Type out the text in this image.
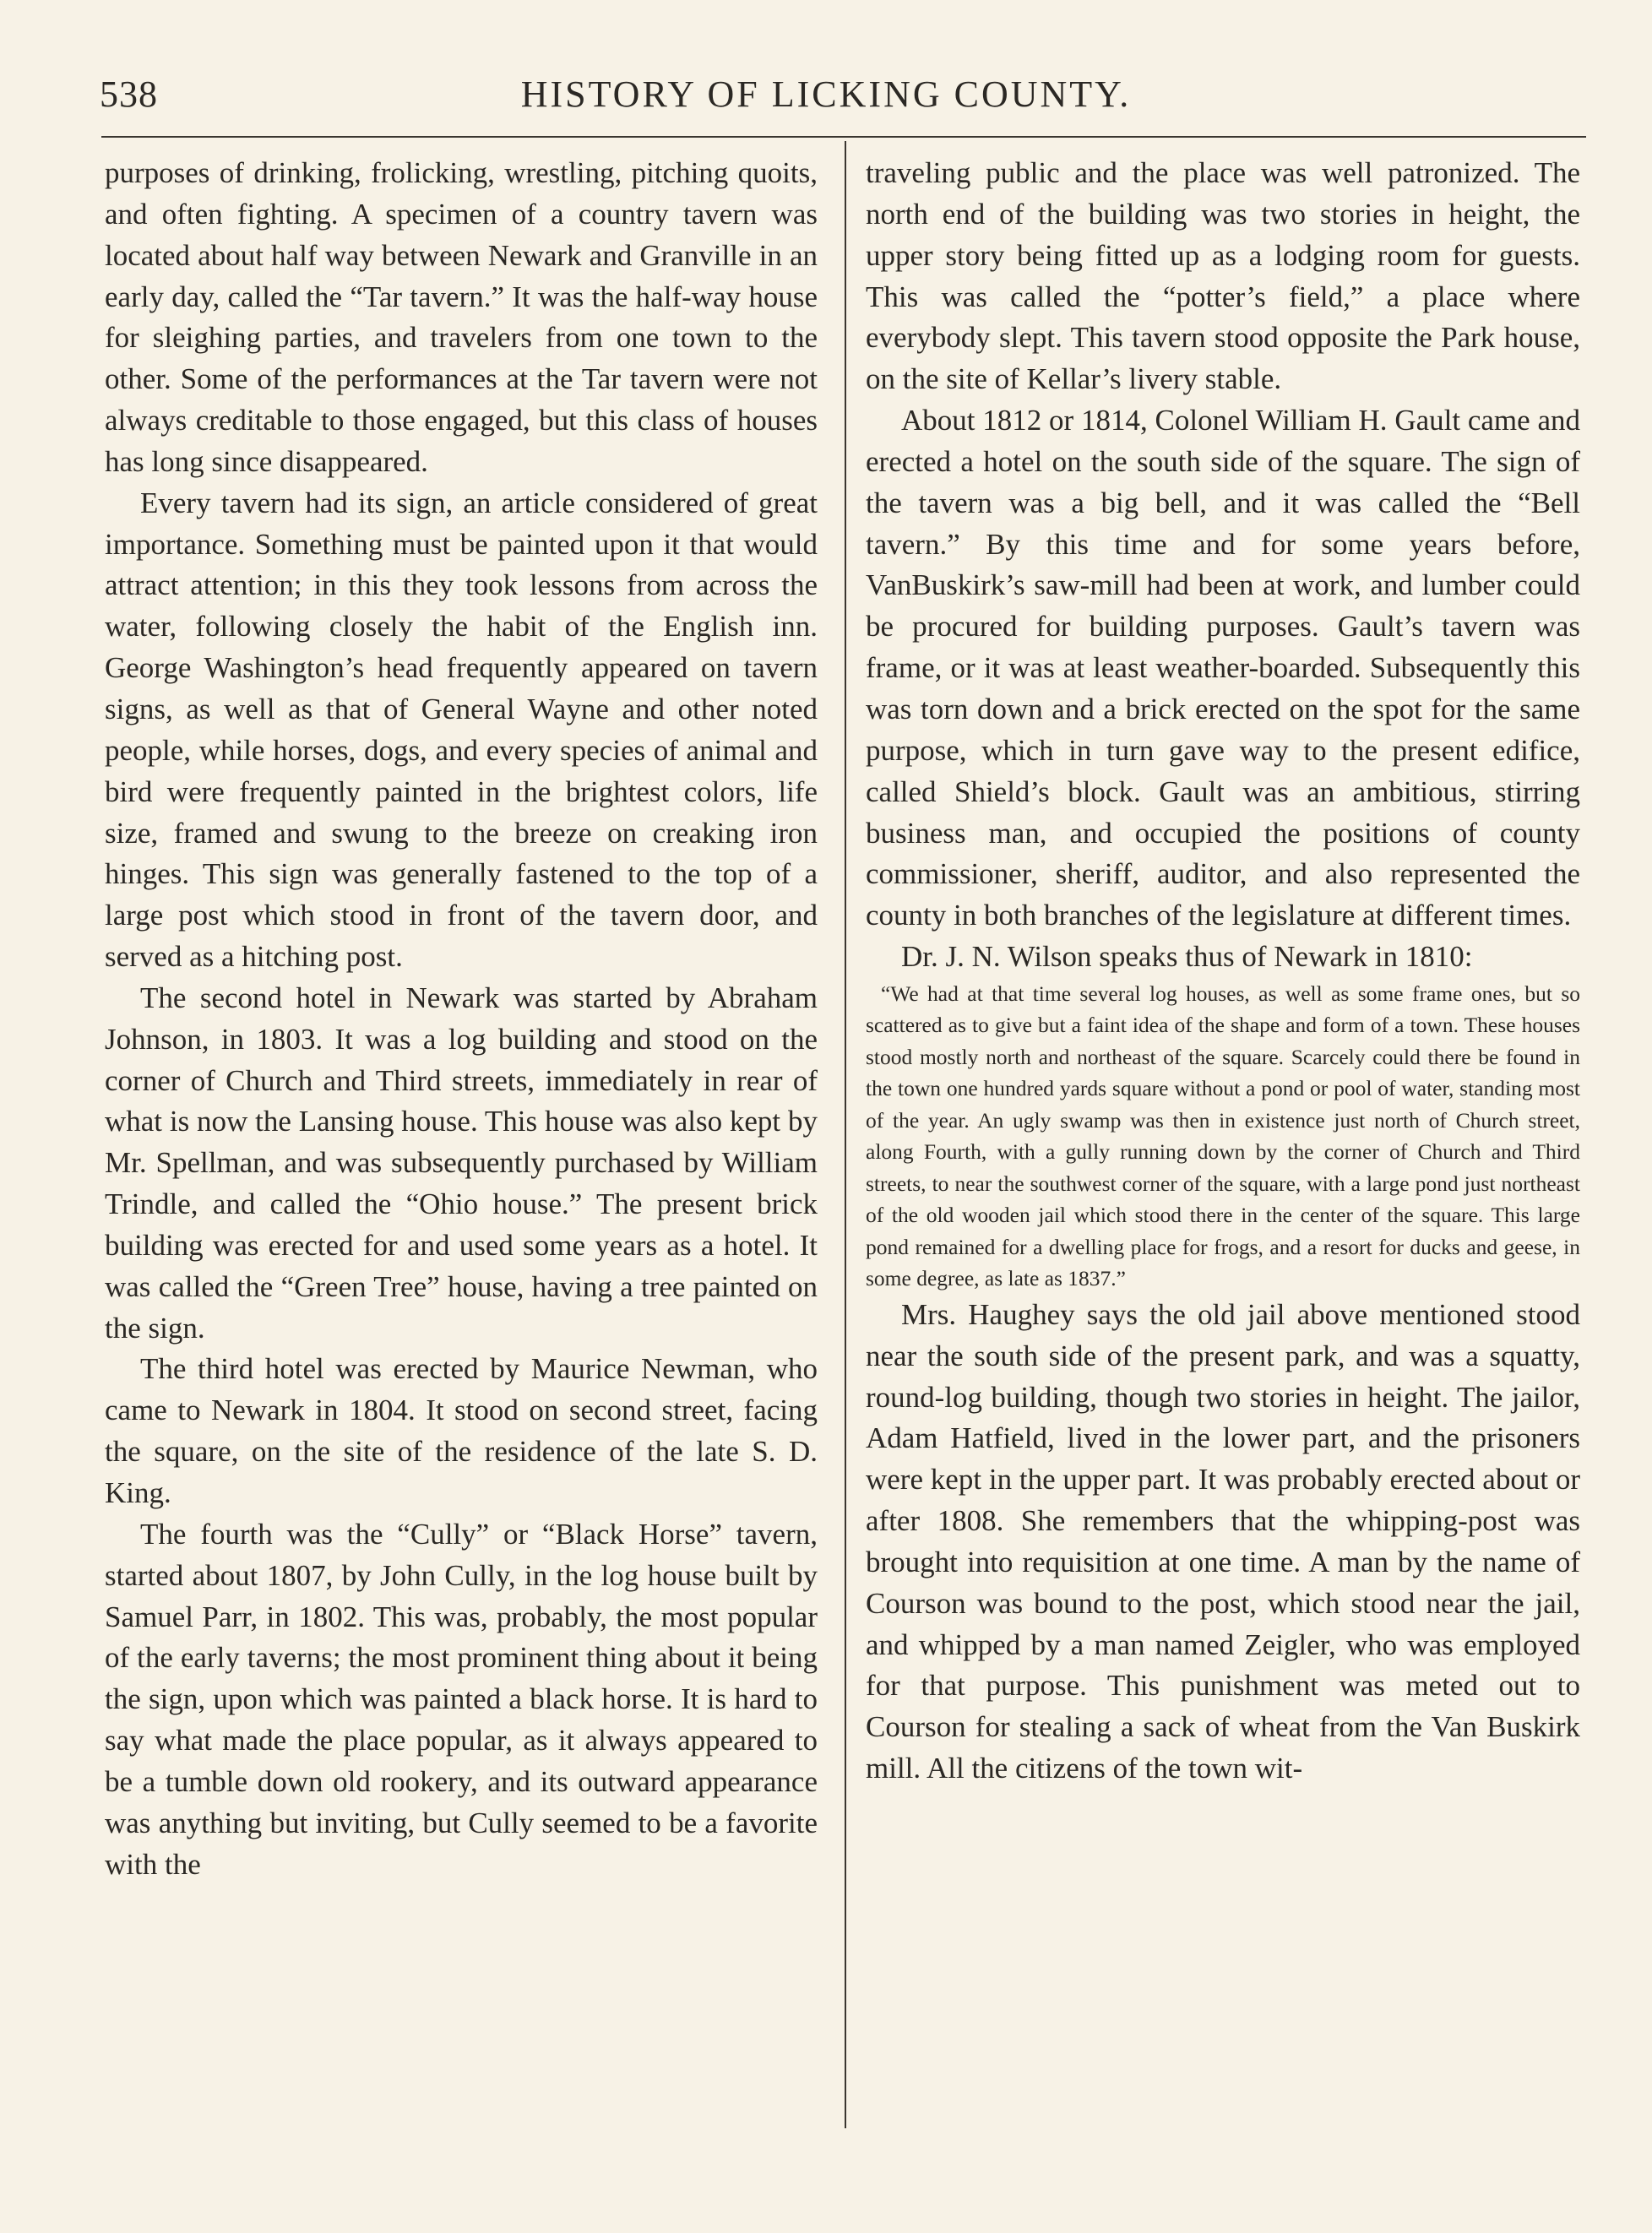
538	HISTORY OF LICKING COUNTY.

purposes of drinking, frolicking, wrestling, pitching quoits, and often fighting. A specimen of a country tavern was located about half way between Newark and Granville in an early day, called the “Tar tavern.” It was the half-way house for sleighing parties, and travelers from one town to the other. Some of the performances at the Tar tavern were not always creditable to those engaged, but this class of houses has long since disappeared.

Every tavern had its sign, an article considered of great importance. Something must be painted upon it that would attract attention; in this they took lessons from across the water, following closely the habit of the English inn. George Washington’s head frequently appeared on tavern signs, as well as that of General Wayne and other noted people, while horses, dogs, and every species of animal and bird were frequently painted in the brightest colors, life size, framed and swung to the breeze on creaking iron hinges. This sign was generally fastened to the top of a large post which stood in front of the tavern door, and served as a hitching post.

The second hotel in Newark was started by Abraham Johnson, in 1803. It was a log building and stood on the corner of Church and Third streets, immediately in rear of what is now the Lansing house. This house was also kept by Mr. Spellman, and was subsequently purchased by William Trindle, and called the “Ohio house.” The present brick building was erected for and used some years as a hotel. It was called the “Green Tree” house, having a tree painted on the sign.

The third hotel was erected by Maurice Newman, who came to Newark in 1804. It stood on second street, facing the square, on the site of the residence of the late S. D. King.

The fourth was the “Cully” or “Black Horse” tavern, started about 1807, by John Cully, in the log house built by Samuel Parr, in 1802. This was, probably, the most popular of the early taverns; the most prominent thing about it being the sign, upon which was painted a black horse. It is hard to say what made the place popular, as it always appeared to be a tumble down old rookery, and its outward appearance was anything but inviting, but Cully seemed to be a favorite with the

traveling public and the place was well patronized. The north end of the building was two stories in height, the upper story being fitted up as a lodging room for guests. This was called the “potter’s field,” a place where everybody slept. This tavern stood opposite the Park house, on the site of Kellar’s livery stable.

About 1812 or 1814, Colonel William H. Gault came and erected a hotel on the south side of the square. The sign of the tavern was a big bell, and it was called the “Bell tavern.” By this time and for some years before, VanBuskirk’s saw-mill had been at work, and lumber could be procured for building purposes. Gault’s tavern was frame, or it was at least weather-boarded. Subsequently this was torn down and a brick erected on the spot for the same purpose, which in turn gave way to the present edifice, called Shield’s block. Gault was an ambitious, stirring business man, and occupied the positions of county commissioner, sheriff, auditor, and also represented the county in both branches of the legislature at different times.

Dr. J. N. Wilson speaks thus of Newark in 1810:

“We had at that time several log houses, as well as some frame ones, but so scattered as to give but a faint idea of the shape and form of a town. These houses stood mostly north and northeast of the square. Scarcely could there be found in the town one hundred yards square without a pond or pool of water, standing most of the year. An ugly swamp was then in existence just north of Church street, along Fourth, with a gully running down by the corner of Church and Third streets, to near the southwest corner of the square, with a large pond just northeast of the old wooden jail which stood there in the center of the square. This large pond remained for a dwelling place for frogs, and a resort for ducks and geese, in some degree, as late as 1837.”

Mrs. Haughey says the old jail above mentioned stood near the south side of the present park, and was a squatty, round-log building, though two stories in height. The jailor, Adam Hatfield, lived in the lower part, and the prisoners were kept in the upper part. It was probably erected about or after 1808. She remembers that the whipping-post was brought into requisition at one time. A man by the name of Courson was bound to the post, which stood near the jail, and whipped by a man named Zeigler, who was employed for that purpose. This punishment was meted out to Courson for stealing a sack of wheat from the Van Buskirk mill. All the citizens of the town wit-
